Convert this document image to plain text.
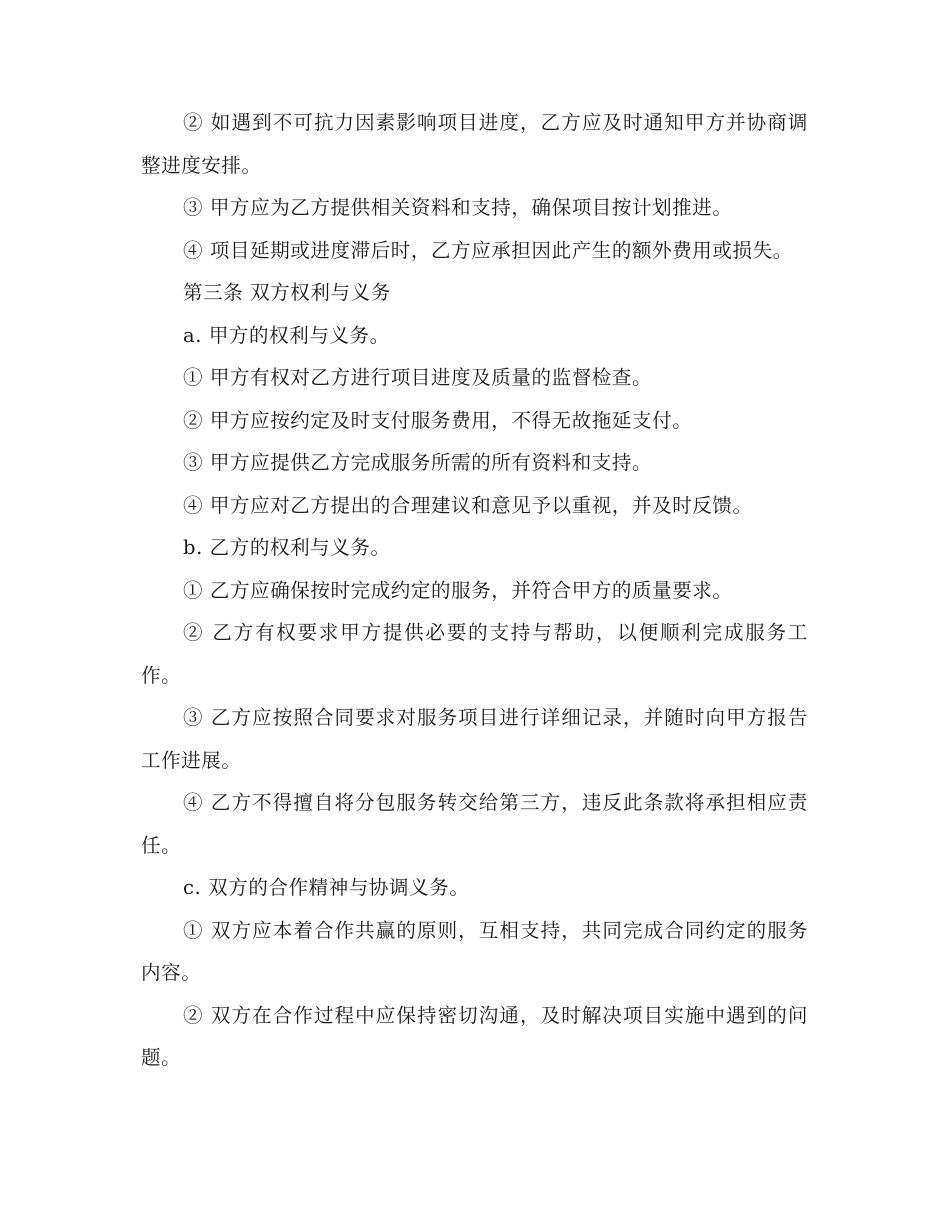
② 如遇到不可抗力因素影响项目进度，乙方应及时通知甲方并协商调整进度安排。

③ 甲方应为乙方提供相关资料和支持，确保项目按计划推进。

④ 项目延期或进度滞后时，乙方应承担因此产生的额外费用或损失。

第三条 双方权利与义务

a. 甲方的权利与义务。

① 甲方有权对乙方进行项目进度及质量的监督检查。

② 甲方应按约定及时支付服务费用，不得无故拖延支付。

③ 甲方应提供乙方完成服务所需的所有资料和支持。

④ 甲方应对乙方提出的合理建议和意见予以重视，并及时反馈。

b. 乙方的权利与义务。

① 乙方应确保按时完成约定的服务，并符合甲方的质量要求。

② 乙方有权要求甲方提供必要的支持与帮助，以便顺利完成服务工作。

③ 乙方应按照合同要求对服务项目进行详细记录，并随时向甲方报告工作进展。

④ 乙方不得擅自将分包服务转交给第三方，违反此条款将承担相应责任。

c. 双方的合作精神与协调义务。

① 双方应本着合作共赢的原则，互相支持，共同完成合同约定的服务内容。

② 双方在合作过程中应保持密切沟通，及时解决项目实施中遇到的问题。
